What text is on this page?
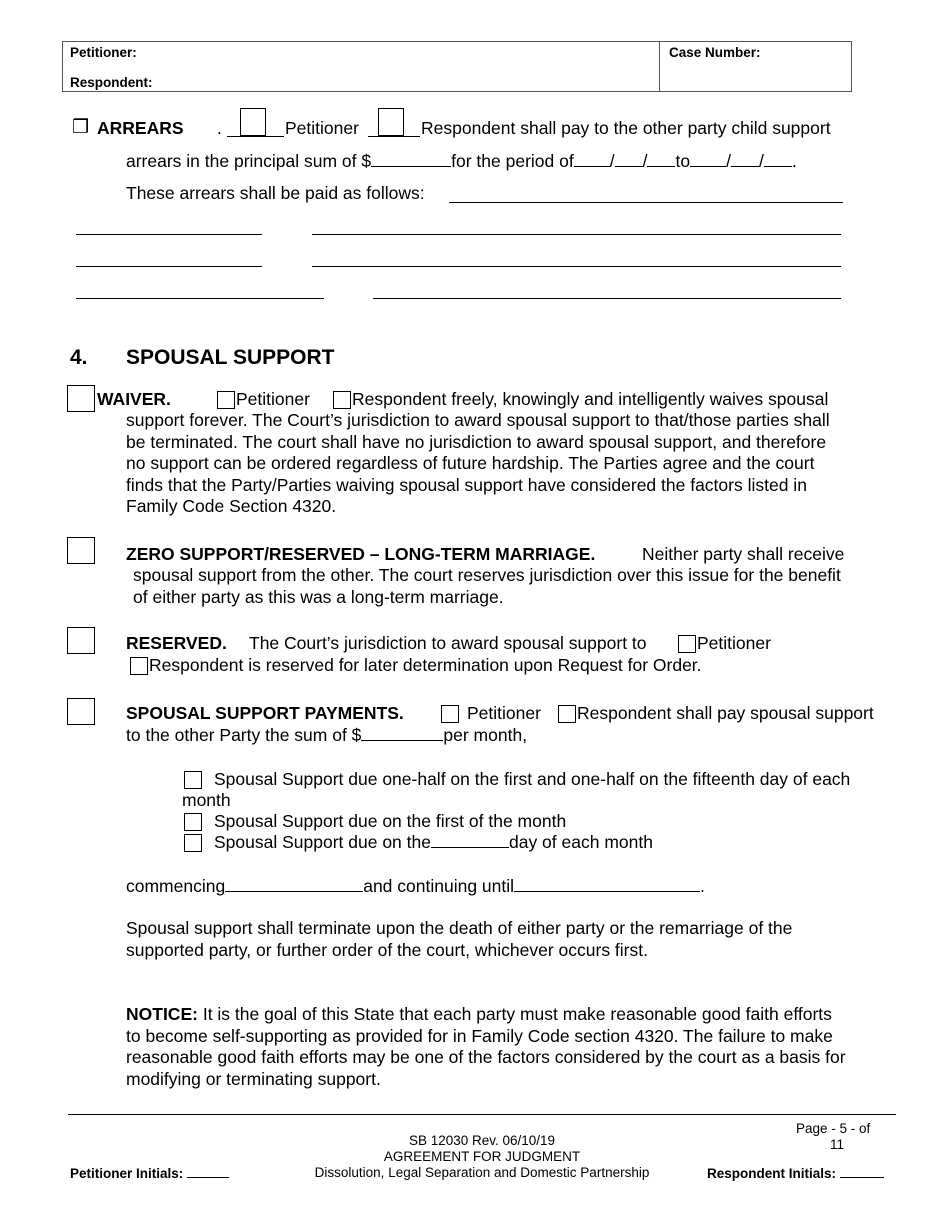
Petitioner:
Respondent:
Case Number:
❒ ARREARS .	Petitioner	Respondent shall pay to the other party child support
arrears in the principal sum of $	for the period of / / to / / .
These arrears shall be paid as follows:
4. SPOUSAL SUPPORT
WAIVER.	Petitioner Respondent freely, knowingly and intelligently waives spousal
support forever. The Court’s jurisdiction to award spousal support to that/those parties shall
be terminated. The court shall have no jurisdiction to award spousal support, and therefore
no support can be ordered regardless of future hardship. The Parties agree and the court
finds that the Party/Parties waiving spousal support have considered the factors listed in
Family Code Section 4320.
ZERO SUPPORT/RESERVED – LONG-TERM MARRIAGE.	Neither party shall receive
spousal support from the other. The court reserves jurisdiction over this issue for the benefit
of either party as this was a long-term marriage.
RESERVED. The Court’s jurisdiction to award spousal support to	Petitioner
Respondent is reserved for later determination upon Request for Order.
SPOUSAL SUPPORT PAYMENTS.	Petitioner Respondent shall pay spousal support
to the other Party the sum of $	per month,
Spousal Support due one-half on the first and one-half on the fifteenth day of each
month
Spousal Support due on the first of the month
Spousal Support due on the	day of each month
commencing	and continuing until	.
Spousal support shall terminate upon the death of either party or the remarriage of the
supported party, or further order of the court, whichever occurs first.
NOTICE: It is the goal of this State that each party must make reasonable good faith efforts
to become self-supporting as provided for in Family Code section 4320. The failure to make
reasonable good faith efforts may be one of the factors considered by the court as a basis for
modifying or terminating support.
Page - 5 - of
11
SB 12030 Rev. 06/10/19
AGREEMENT FOR JUDGMENT
Dissolution, Legal Separation and Domestic Partnership
Petitioner Initials:	Respondent Initials:
